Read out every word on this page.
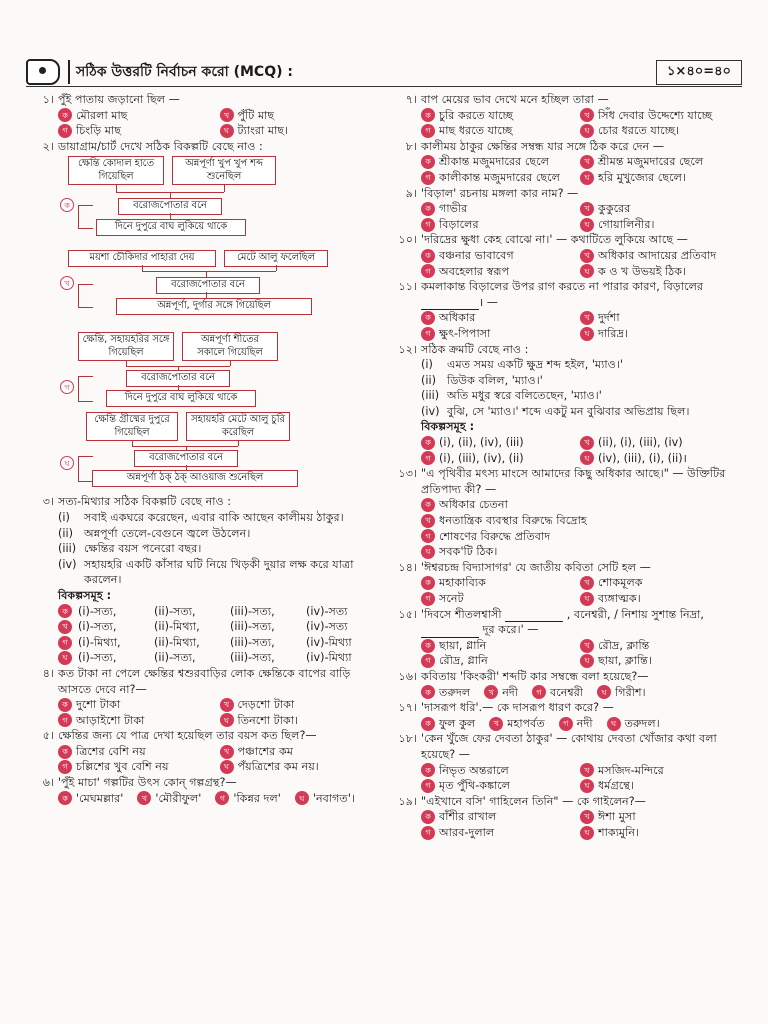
সঠিক উত্তরটি নির্বাচন করো (MCQ) :	১×৪০=৪০
১। পুঁই পাতায় জড়ানো ছিল —
ক মৌরলা মাছ	খ পুঁটি মাছ
গ চিংড়ি মাছ	ঘ ট্যাংরা মাছ।
২। ডায়াগ্রাম/চার্ট দেখে সঠিক বিকল্পটি বেছে নাও :
ক্ষেন্তি কোদাল হাতে গিয়েছিল
অন্নপূর্ণা খুপ খুপ শব্দ শুনেছিল
ক	বরোজপোতার বনে
দিনে দুপুরে বাঘ লুকিয়ে থাকে
ময়শা চৌকিদার পাহারা দেয়	মেটে আলু ফলেছিল
বরোজপোতার বনে
খ
অন্নপূর্ণা, দুর্গার সঙ্গে গিয়েছিল
ক্ষেন্তি, সহায়হরির সঙ্গে গিয়েছিল
অন্নপূর্ণা শীতের সকালে গিয়েছিল
বরোজপোতার বনে
গ
দিনে দুপুরে বাঘ লুকিয়ে থাকে
ক্ষেন্তি গ্রীষ্মের দুপুরে গিয়েছিল
সহায়হরি মেটে আলু চুরি করেছিল
বরোজপোতার বনে
ঘ
অন্নপূর্ণা ঠক্ ঠক্ আওয়াজ শুনেছিল
৩। সত্য-মিথ্যার সঠিক বিকল্পটি বেছে নাও :
(i)	সবাই একঘরে করেছেন, এবার বাকি আছেন কালীময় ঠাকুর।
(ii) অন্নপূর্ণা তেলে-বেগুনে জ্বলে উঠলেন।
(iii) ক্ষেন্তির বয়স পনেরো বছর।
(iv) সহায়হরি একটি কাঁসার ঘটি নিয়ে খিড়কী দুয়ার লক্ষ করে যাত্রা করলেন।
বিকল্পসমূহ :
ক (i)-সত্য,	(ii)-সত্য,	(iii)-সত্য,	(iv)-সত্য
খ (i)-সত্য,	(ii)-মিথ্যা,	(iii)-সত্য,	(iv)-সত্য
গ (i)-মিথ্যা,	(ii)-মিথ্যা,	(iii)-সত্য,	(iv)-মিথ্যা
ঘ (i)-সত্য,	(ii)-সত্য,	(iii)-সত্য,	(iv)-মিথ্যা
৪। কত টাকা না পেলে ক্ষেন্তির শ্বশুরবাড়ির লোক ক্ষেন্তিকে বাপের বাড়ি আসতে দেবে না?—
ক দুশো টাকা	খ দেড়শো টাকা
গ আড়াইশো টাকা	ঘ তিনশো টাকা।
৫। ক্ষেন্তির জন্য যে পাত্র দেখা হয়েছিল তার বয়স কত ছিল?—
ক ত্রিশের বেশি নয়	খ পঞ্চাশের কম
গ চল্লিশের খুব বেশি নয়	ঘ পঁয়ত্রিশের কম নয়।
৬। 'পুঁই মাচা' গল্পটির উৎস কোন্ গল্পগ্রন্থ?—
ক 'মেঘমল্লার'	খ 'মৌরীফুল'	গ 'কিন্নর দল'	ঘ 'নবাগত'।
৭। বাপ মেয়ের ভাব দেখে মনে হচ্ছিল তারা —
ক চুরি করতে যাচ্ছে	খ সিঁধ দেবার উদ্দেশ্যে যাচ্ছে
গ মাছ ধরতে যাচ্ছে	ঘ চোর ধরতে যাচ্ছে।
৮। কালীময় ঠাকুর ক্ষেন্তির সম্বন্ধ যার সঙ্গে ঠিক করে দেন —
ক শ্রীকান্ত মজুমদারের ছেলে	খ শ্রীমন্ত মজুমদারের ছেলে
গ কালীকান্ত মজুমদারের ছেলে	ঘ হরি মুখুজ্যের ছেলে।
৯। 'বিড়াল' রচনায় মঙ্গলা কার নাম? —
ক গাভীর	খ কুকুরের
গ বিড়ালের	ঘ গোয়ালিনীর।
১০। 'দরিদ্রের ক্ষুধা কেহ বোঝে না।' — কথাটিতে লুকিয়ে আছে —
ক বঞ্চনার ভাবাবেগ	খ অধিকার আদায়ের প্রতিবাদ
গ অবহেলার স্বরূপ	ঘ ক ও খ উভয়ই ঠিক।
১১। কমলাকান্ত বিড়ালের উপর রাগ করতে না পারার কারণ, বিড়ালের । —
ক অধিকার	খ দুর্দশা
গ ক্ষুৎ-পিপাসা	ঘ দারিদ্র।
১২। সঠিক ক্রমটি বেছে নাও :
(i)	এমত সময় একটি ক্ষুদ্র শব্দ হইল, 'ম্যাও।'
(ii) ডিউক বলিল, 'ম্যাও।'
(iii) অতি মধুর স্বরে বলিতেছেন, 'ম্যাও।'
(iv) বুঝি, সে 'ম্যাও।' শব্দে একটু মন বুঝিবার অভিপ্রায় ছিল।
বিকল্পসমূহ :
ক (i), (ii), (iv), (iii)	খ (ii), (i), (iii), (iv)
গ (i), (iii), (iv), (ii)	ঘ (iv), (iii), (i), (ii)।
১৩। "এ পৃথিবীর মৎস্য মাংসে আমাদের কিছু অধিকার আছে।" — উক্তিটির প্রতিপাদ্য কী? —
ক অধিকার চেতনা
খ ধনতান্ত্রিক ব্যবস্থার বিরুদ্ধে বিদ্রোহ
গ শোষণের বিরুদ্ধে প্রতিবাদ
ঘ সবক'টি ঠিক।
১৪। 'ঈশ্বরচন্দ্র বিদ্যাসাগর' যে জাতীয় কবিতা সেটি হল —
ক মহাকাব্যিক	খ শোকমূলক
গ সনেট	ঘ ব্যঙ্গাত্মক।
১৫। 'দিবসে শীতলশ্বাসী	, বনেশ্বরী, / নিশায় সুশান্ত নিদ্রা,  দূর করে।' —
ক ছায়া, গ্লানি	খ রৌদ্র, ক্লান্তি
গ রৌদ্র, গ্লানি	ঘ ছায়া, ক্লান্তি।
১৬। কবিতায় 'কিংকরী' শব্দটি কার সম্বন্ধে বলা হয়েছে?—
ক তরুদল	খ নদী	গ বনেশ্বরী	ঘ গিরীশ।
১৭। 'দাসরূপ ধরি'.— কে দাসরূপ ধারণ করে? —
ক ফুল কুল	খ মহাপর্বত	গ নদী	ঘ তরুদল।
১৮। 'কেন খুঁজে ফের দেবতা ঠাকুর' — কোথায় দেবতা খোঁজার কথা বলা হয়েছে? —
ক নিভৃত অন্তরালে	খ মসজিদ-মন্দিরে
গ মৃত পুঁথি-কঙ্কালে	ঘ ধর্মগ্রন্থে।
১৯। "এইখানে বসি' গাহিলেন তিনি" — কে গাইলেন?—
ক বাঁশীর রাখাল	খ ঈশা মুসা
গ আরব-দুলাল	ঘ শাক্যমুনি।
